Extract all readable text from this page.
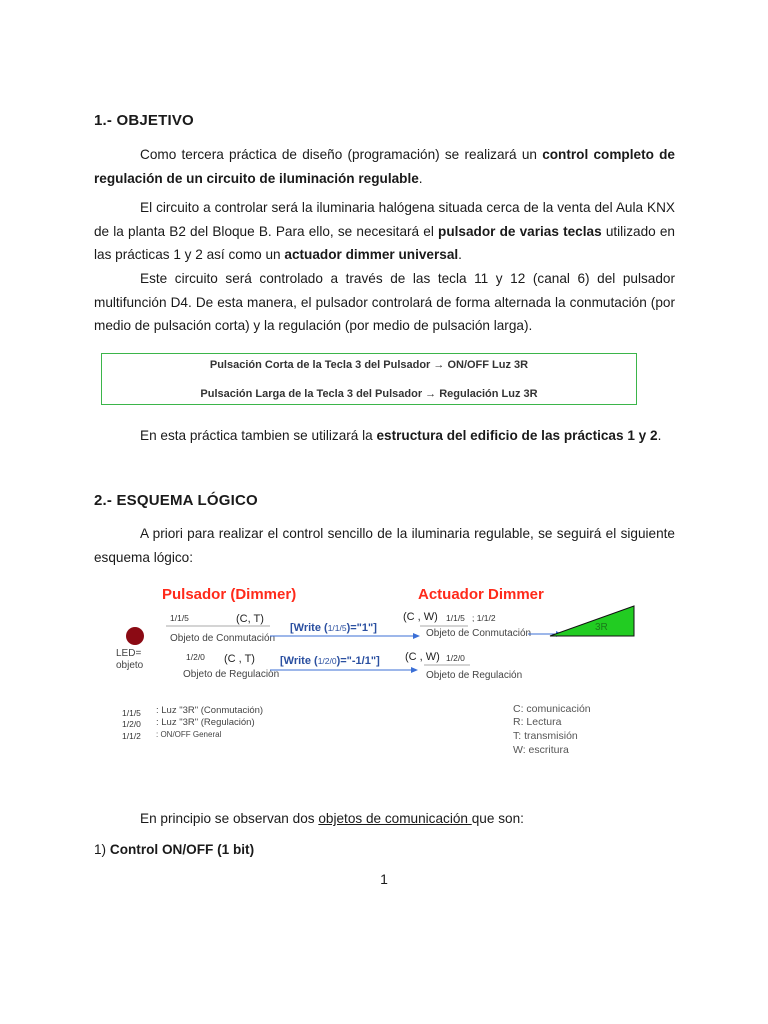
1.- OBJETIVO
Como tercera práctica de diseño (programación) se realizará un control completo de regulación de un circuito de iluminación regulable.
El circuito a controlar será la iluminaria halógena situada cerca de la venta del Aula KNX de la planta B2 del Bloque B. Para ello, se necesitará el pulsador de varias teclas utilizado en las prácticas 1 y 2 así como un actuador dimmer universal.
Este circuito será controlado a través de las tecla 11 y 12 (canal 6) del pulsador multifunción D4. De esta manera, el pulsador controlará de forma alternada la conmutación (por medio de pulsación corta) y la regulación (por medio de pulsación larga).
Pulsación Corta de la Tecla 3 del Pulsador → ON/OFF Luz 3R
Pulsación Larga de la Tecla 3 del Pulsador → Regulación Luz 3R
En esta práctica tambien se utilizará la estructura del edificio de las prácticas 1 y 2.
2.- ESQUEMA LÓGICO
A priori para realizar el control sencillo de la iluminaria regulable, se seguirá el siguiente esquema lógico:
Pulsador (Dimmer)	Actuador Dimmer
LED=
objeto
1/1/5	(C, T)
Objeto de Conmutación
[Write (1/1/5)="1"]
(C , W) 1/1/5 ; 1/1/2
Objeto de Conmutación
3R
1/2/0 (C , T)
Objeto de Regulación
[Write (1/2/0)="-1/1"] (C , W) 1/2/0
Objeto de Regulación
1/1/5 : Luz "3R" (Conmutación)
1/2/0 : Luz "3R" (Regulación)
1/1/2 : ON/OFF General
C: comunicación
R: Lectura
T: transmisión
W: escritura
En principio se observan dos objetos de comunicación que son:
1) Control ON/OFF (1 bit)
1
